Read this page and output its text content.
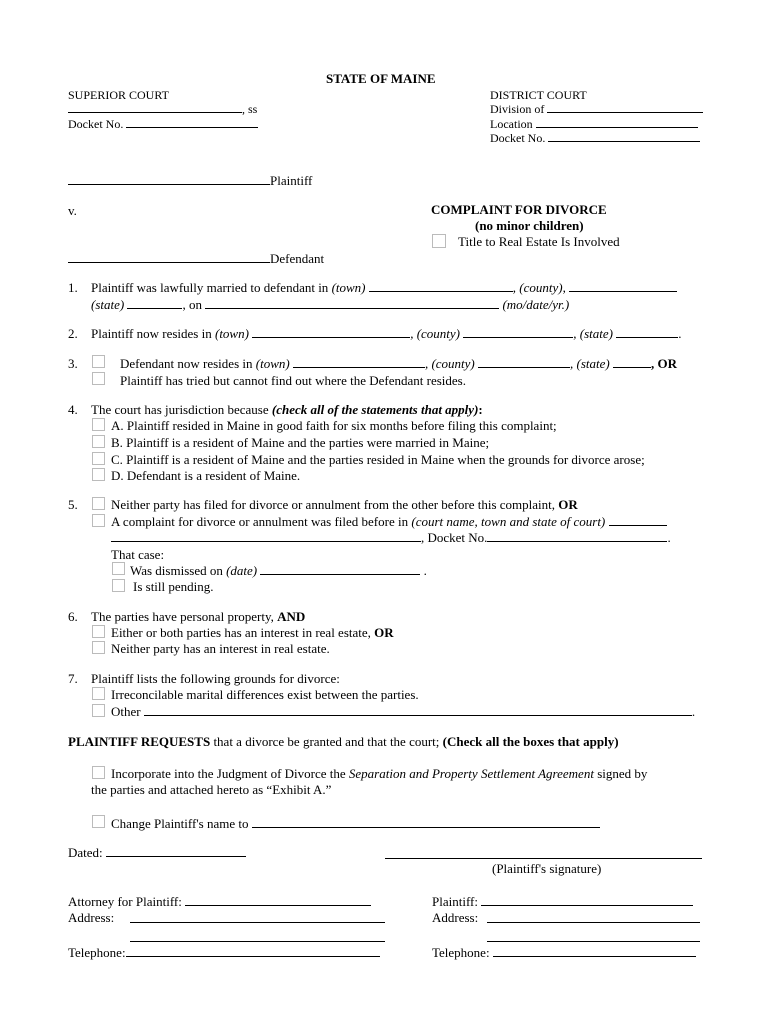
STATE OF MAINE
SUPERIOR COURT
, ss
Docket No.
DISTRICT COURT
Division of
Location
Docket No.
Plaintiff
v.
Defendant
COMPLAINT FOR DIVORCE
(no minor children)
Title to Real Estate Is Involved
1. Plaintiff was lawfully married to defendant in (town)	, (county),
(state)	, on	(mo/date/yr.)
2. Plaintiff now resides in (town)	, (county)	, (state)	.
3.	Defendant now resides in (town)	, (county)	, (state)	, OR
Plaintiff has tried but cannot find out where the Defendant resides.
4. The court has jurisdiction because (check all of the statements that apply):
A. Plaintiff resided in Maine in good faith for six months before filing this complaint;
B. Plaintiff is a resident of Maine and the parties were married in Maine;
C. Plaintiff is a resident of Maine and the parties resided in Maine when the grounds for divorce arose;
D. Defendant is a resident of Maine.
5.	Neither party has filed for divorce or annulment from the other before this complaint, OR
A complaint for divorce or annulment was filed before in (court name, town and state of court)
, Docket No.	.
That case:
Was dismissed on (date)	.
Is still pending.
6. The parties have personal property, AND
Either or both parties has an interest in real estate, OR
Neither party has an interest in real estate.
7. Plaintiff lists the following grounds for divorce:
Irreconcilable marital differences exist between the parties.
Other	.
PLAINTIFF REQUESTS that a divorce be granted and that the court; (Check all the boxes that apply)
Incorporate into the Judgment of Divorce the Separation and Property Settlement Agreement signed by
the parties and attached hereto as “Exhibit A.”
Change Plaintiff's name to
Dated:
(Plaintiff's signature)
Attorney for Plaintiff:
Address:
Telephone:
Plaintiff:
Address:
Telephone:
